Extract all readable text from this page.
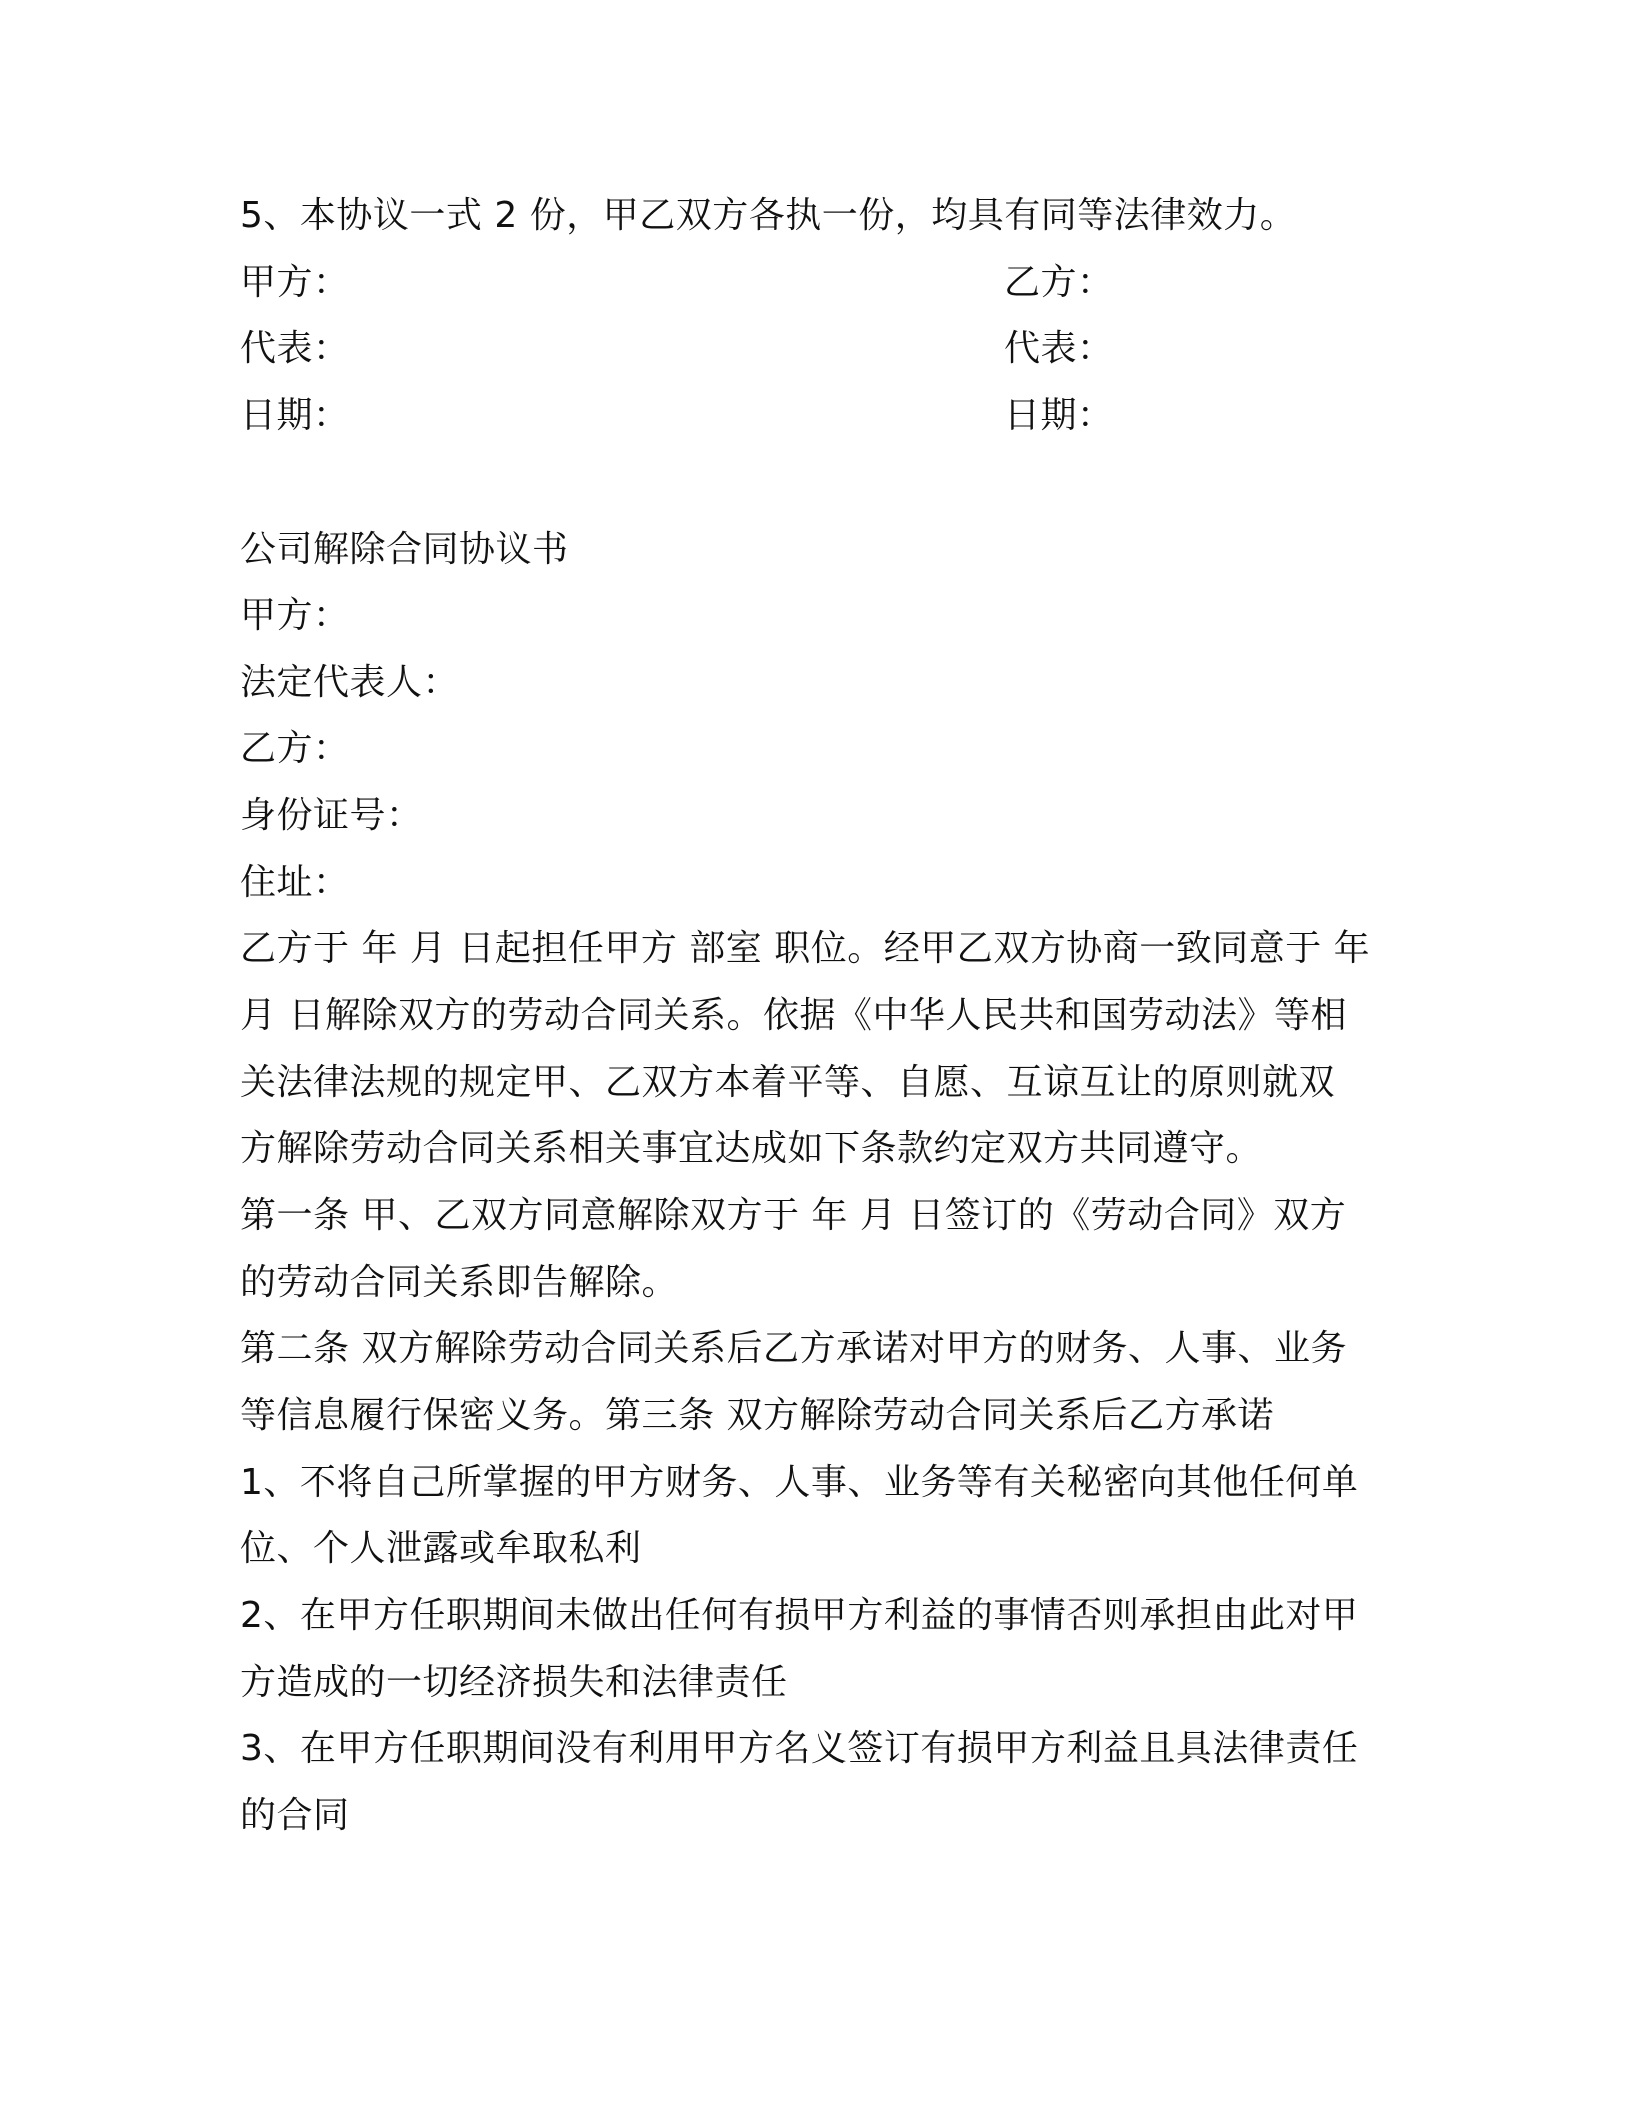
5、本协议一式 2 份，甲乙双方各执一份，均具有同等法律效力。
甲方：	乙方：
代表：	代表：
日期：	日期：
公司解除合同协议书
甲方：
法定代表人：
乙方：
身份证号：
住址：
乙方于 年 月 日起担任甲方 部室 职位。经甲乙双方协商一致同意于 年
月 日解除双方的劳动合同关系。依据《中华人民共和国劳动法》等相
关法律法规的规定甲、乙双方本着平等、自愿、互谅互让的原则就双
方解除劳动合同关系相关事宜达成如下条款约定双方共同遵守。
第一条 甲、乙双方同意解除双方于 年 月 日签订的《劳动合同》双方
的劳动合同关系即告解除。
第二条 双方解除劳动合同关系后乙方承诺对甲方的财务、人事、业务
等信息履行保密义务。第三条 双方解除劳动合同关系后乙方承诺
1、不将自己所掌握的甲方财务、人事、业务等有关秘密向其他任何单
位、个人泄露或牟取私利
2、在甲方任职期间未做出任何有损甲方利益的事情否则承担由此对甲
方造成的一切经济损失和法律责任
3、在甲方任职期间没有利用甲方名义签订有损甲方利益且具法律责任
的合同
